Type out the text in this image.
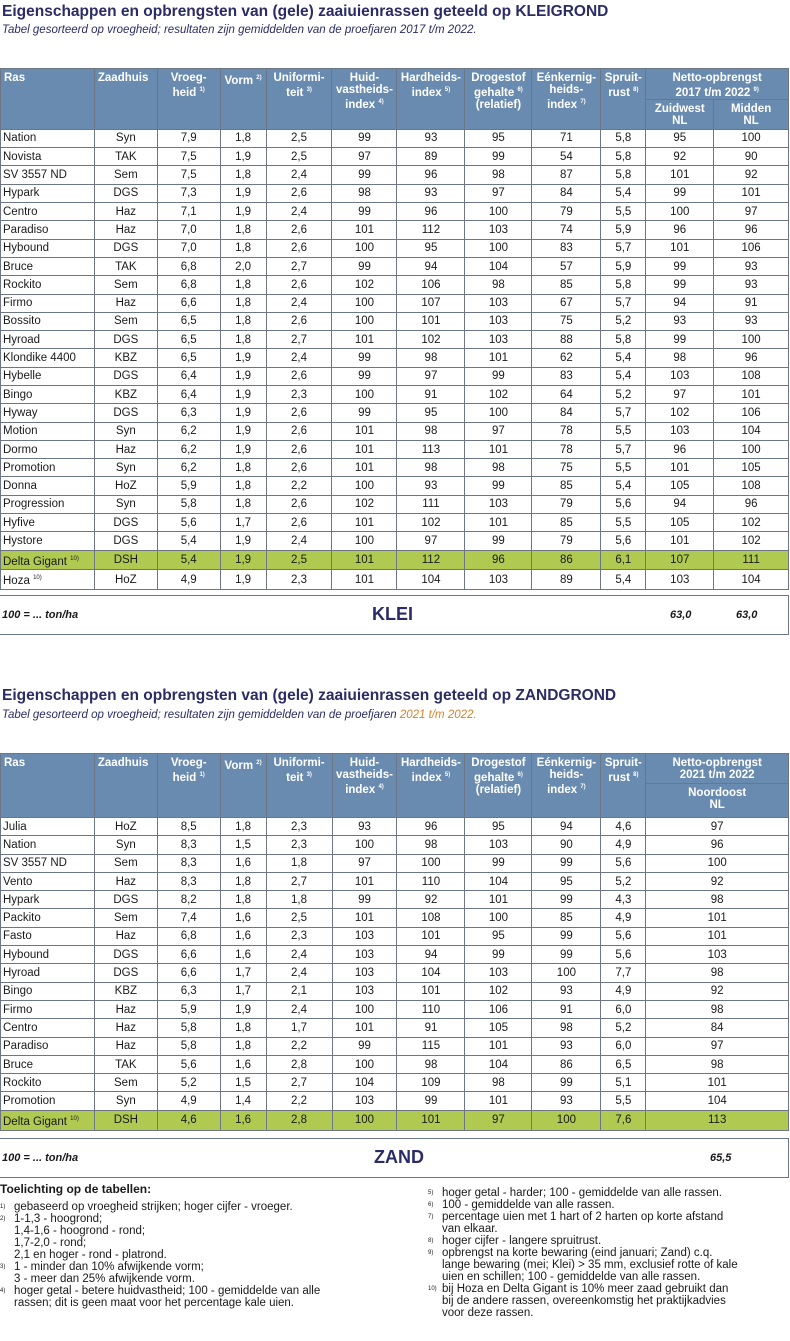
Eigenschappen en opbrengsten van (gele) zaaiuienrassen geteeld op KLEIGROND
Tabel gesorteerd op vroegheid; resultaten zijn gemiddelden van de proefjaren 2017 t/m 2022.
Ras	Zaadhuis	Vroeg-
heid $^{1)}$	Vorm $^{2)}$	Uniformi-
teit $^{3)}$	Huid-
vastheids-
index $^{4)}$	Hardheids-
index $^{5)}$	Drogestof
gehalte $^{6)}$
(relatief)	Eénkernig-
heids-
index $^{7)}$	Spruit-
rust $^{8)}$	Netto-opbrengst
2017 t/m 2022 $^{9)}$
										Zuidwest
NL	Midden
NL
Nation	Syn	7,9	1,8	2,5	99	93	95	71	5,8	95	100
Novista	TAK	7,5	1,9	2,5	97	89	99	54	5,8	92	90
SV 3557 ND	Sem	7,5	1,8	2,4	99	96	98	87	5,8	101	92
Hypark	DGS	7,3	1,9	2,6	98	93	97	84	5,4	99	101
Centro	Haz	7,1	1,9	2,4	99	96	100	79	5,5	100	97
Paradiso	Haz	7,0	1,8	2,6	101	112	103	74	5,9	96	96
Hybound	DGS	7,0	1,8	2,6	100	95	100	83	5,7	101	106
Bruce	TAK	6,8	2,0	2,7	99	94	104	57	5,9	99	93
Rockito	Sem	6,8	1,8	2,6	102	106	98	85	5,8	99	93
Firmo	Haz	6,6	1,8	2,4	100	107	103	67	5,7	94	91
Bossito	Sem	6,5	1,8	2,6	100	101	103	75	5,2	93	93
Hyroad	DGS	6,5	1,8	2,7	101	102	103	88	5,8	99	100
Klondike 4400	KBZ	6,5	1,9	2,4	99	98	101	62	5,4	98	96
Hybelle	DGS	6,4	1,9	2,6	99	97	99	83	5,4	103	108
Bingo	KBZ	6,4	1,9	2,3	100	91	102	64	5,2	97	101
Hyway	DGS	6,3	1,9	2,6	99	95	100	84	5,7	102	106
Motion	Syn	6,2	1,9	2,6	101	98	97	78	5,5	103	104
Dormo	Haz	6,2	1,9	2,6	101	113	101	78	5,7	96	100
Promotion	Syn	6,2	1,8	2,6	101	98	98	75	5,5	101	105
Donna	HoZ	5,9	1,8	2,2	100	93	99	85	5,4	105	108
Progression	Syn	5,8	1,8	2,6	102	111	103	79	5,6	94	96
Hyfive	DGS	5,6	1,7	2,6	101	102	101	85	5,5	105	102
Hystore	DGS	5,4	1,9	2,4	100	97	99	79	5,6	101	102
Delta Gigant $^{10)}$	DSH	5,4	1,9	2,5	101	112	96	86	6,1	107	111
Hoza $^{10)}$	HoZ	4,9	1,9	2,3	101	104	103	89	5,4	103	104
100 = ... ton/ha	KLEI	63,0	63,0
Eigenschappen en opbrengsten van (gele) zaaiuienrassen geteeld op ZANDGROND
Tabel gesorteerd op vroegheid; resultaten zijn gemiddelden van de proefjaren 2021 t/m 2022.
Ras	Zaadhuis	Vroeg-
heid $^{1)}$	Vorm $^{2)}$	Uniformi-
teit $^{3)}$	Huid-
vastheids-
index $^{4)}$	Hardheids-
index $^{5)}$	Drogestof
gehalte $^{6)}$
(relatief)	Eénkernig-
heids-
index $^{7)}$	Spruit-
rust $^{8)}$	Netto-opbrengst
2021 t/m 2022
										Noordoost
NL
Julia	HoZ	8,5	1,8	2,3	93	96	95	94	4,6	97
Nation	Syn	8,3	1,5	2,3	100	98	103	90	4,9	96
SV 3557 ND	Sem	8,3	1,6	1,8	97	100	99	99	5,6	100
Vento	Haz	8,3	1,8	2,7	101	110	104	95	5,2	92
Hypark	DGS	8,2	1,8	1,8	99	92	101	99	4,3	98
Packito	Sem	7,4	1,6	2,5	101	108	100	85	4,9	101
Fasto	Haz	6,8	1,6	2,3	103	101	95	99	5,6	101
Hybound	DGS	6,6	1,6	2,4	103	94	99	99	5,6	103
Hyroad	DGS	6,6	1,7	2,4	103	104	103	100	7,7	98
Bingo	KBZ	6,3	1,7	2,1	103	101	102	93	4,9	92
Firmo	Haz	5,9	1,9	2,4	100	110	106	91	6,0	98
Centro	Haz	5,8	1,8	1,7	101	91	105	98	5,2	84
Paradiso	Haz	5,8	1,8	2,2	99	115	101	93	6,0	97
Bruce	TAK	5,6	1,6	2,8	100	98	104	86	6,5	98
Rockito	Sem	5,2	1,5	2,7	104	109	98	99	5,1	101
Promotion	Syn	4,9	1,4	2,2	103	99	101	93	5,5	104
Delta Gigant $^{10)}$	DSH	4,6	1,6	2,8	100	101	97	100	7,6	113
100 = ... ton/ha	ZAND	65,5
Toelichting op de tabellen:
1) gebaseerd op vroegheid strijken; hoger cijfer - vroeger.
2) 1-1,3 - hoogrond;
1,4-1,6 - hoogrond - rond;
1,7-2,0 - rond;
2,1 en hoger - rond - platrond.
3) 1 - minder dan 10% afwijkende vorm;
3 - meer dan 25% afwijkende vorm.
4) hoger getal - betere huidvastheid; 100 - gemiddelde van alle
rassen; dit is geen maat voor het percentage kale uien.
5) hoger getal - harder; 100 - gemiddelde van alle rassen.
6) 100 - gemiddelde van alle rassen.
7) percentage uien met 1 hart of 2 harten op korte afstand
van elkaar.
8) hoger cijfer - langere spruitrust.
9) opbrengst na korte bewaring (eind januari; Zand) c.q.
lange bewaring (mei; Klei) > 35 mm, exclusief rotte of kale
uien en schillen; 100 - gemiddelde van alle rassen.
10) bij Hoza en Delta Gigant is 10% meer zaad gebruikt dan
bij de andere rassen, overeenkomstig het praktijkadvies
voor deze rassen.
